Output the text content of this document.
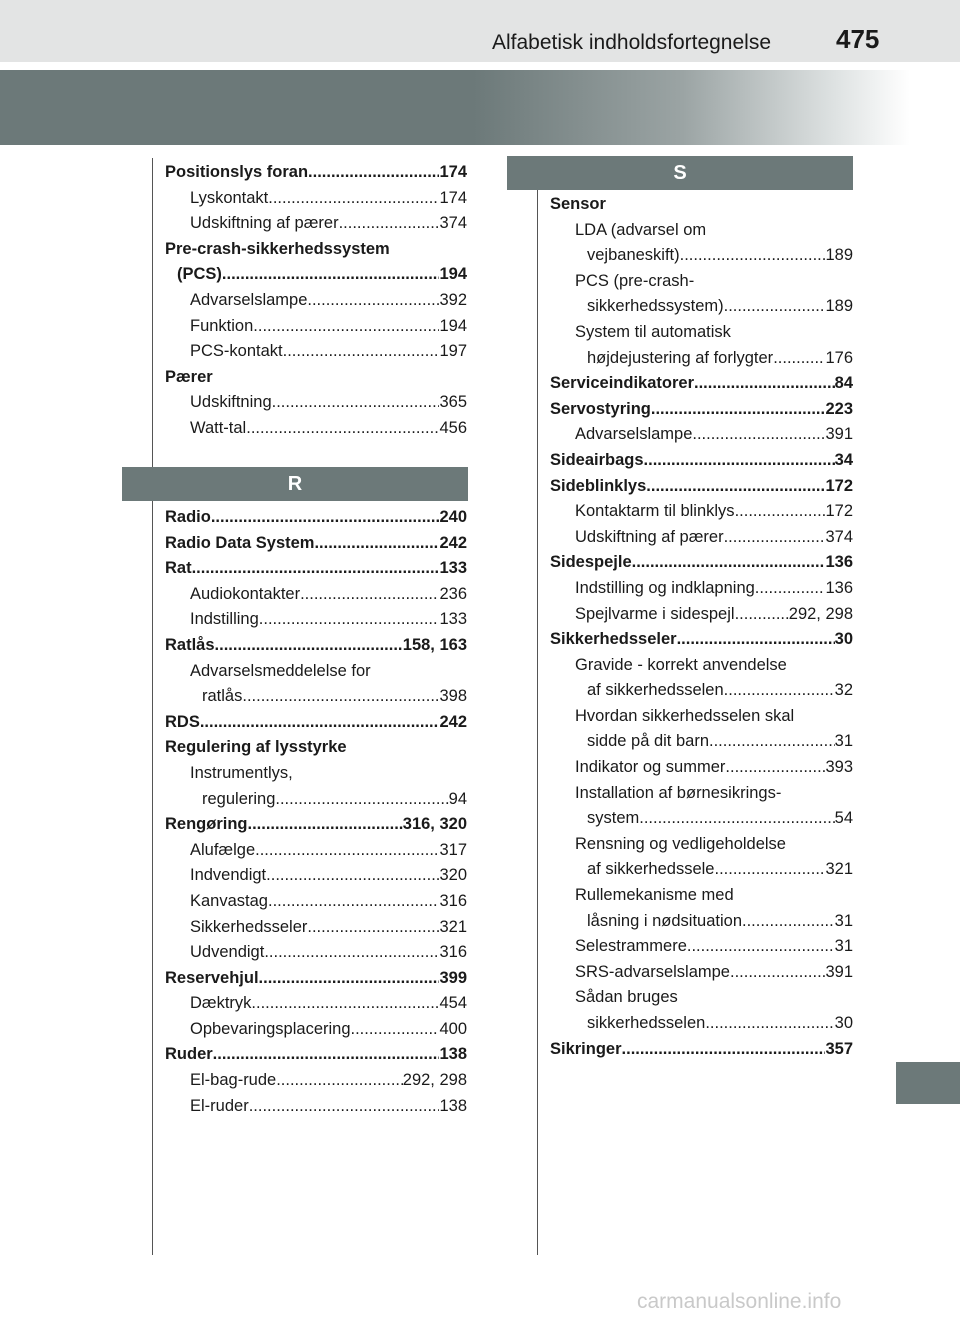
Alfabetisk indholdsfortegnelse 475
Positionslys foran .....	174
Lyskontakt .....	174
Udskiftning af pærer .....	374
Pre-crash-sikkerhedssystem
(PCS) .....	194
Advarselslampe .....	392
Funktion .....	194
PCS-kontakt .....	197
Pærer
Udskiftning .....	365
Watt-tal .....	456
R
Radio .....	240
Radio Data System .....	242
Rat .....	133
Audiokontakter .....	236
Indstilling .....	133
Ratlås .....	158, 163
Advarselsmeddelelse for
ratlås .....	398
RDS .....	242
Regulering af lysstyrke
Instrumentlys,
regulering .....	94
Rengøring .....	316, 320
Alufælge .....	317
Indvendigt .....	320
Kanvastag .....	316
Sikkerhedsseler .....	321
Udvendigt .....	316
Reservehjul .....	399
Dæktryk .....	454
Opbevaringsplacering .....	400
Ruder .....	138
El-bag-rude .....	292, 298
El-ruder .....	138
S
Sensor
LDA (advarsel om
vejbaneskift) .....	189
PCS (pre-crash-
sikkerhedssystem) .....	189
System til automatisk
højdejustering af forlygter .....	176
Serviceindikatorer .....	84
Servostyring .....	223
Advarselslampe .....	391
Sideairbags .....	34
Sideblinklys .....	172
Kontaktarm til blinklys .....	172
Udskiftning af pærer .....	374
Sidespejle .....	136
Indstilling og indklapning .....	136
Spejlvarme i sidespejl .....	292, 298
Sikkerhedsseler .....	30
Gravide - korrekt anvendelse
af sikkerhedsselen .....	32
Hvordan sikkerhedsselen skal
sidde på dit barn .....	31
Indikator og summer .....	393
Installation af børnesikrings-
system .....	54
Rensning og vedligeholdelse
af sikkerhedssele .....	321
Rullemekanisme med
låsning i nødsituation .....	31
Selestrammere .....	31
SRS-advarselslampe .....	391
Sådan bruges
sikkerhedsselen .....	30
Sikringer .....	357
carmanualsonline.info
